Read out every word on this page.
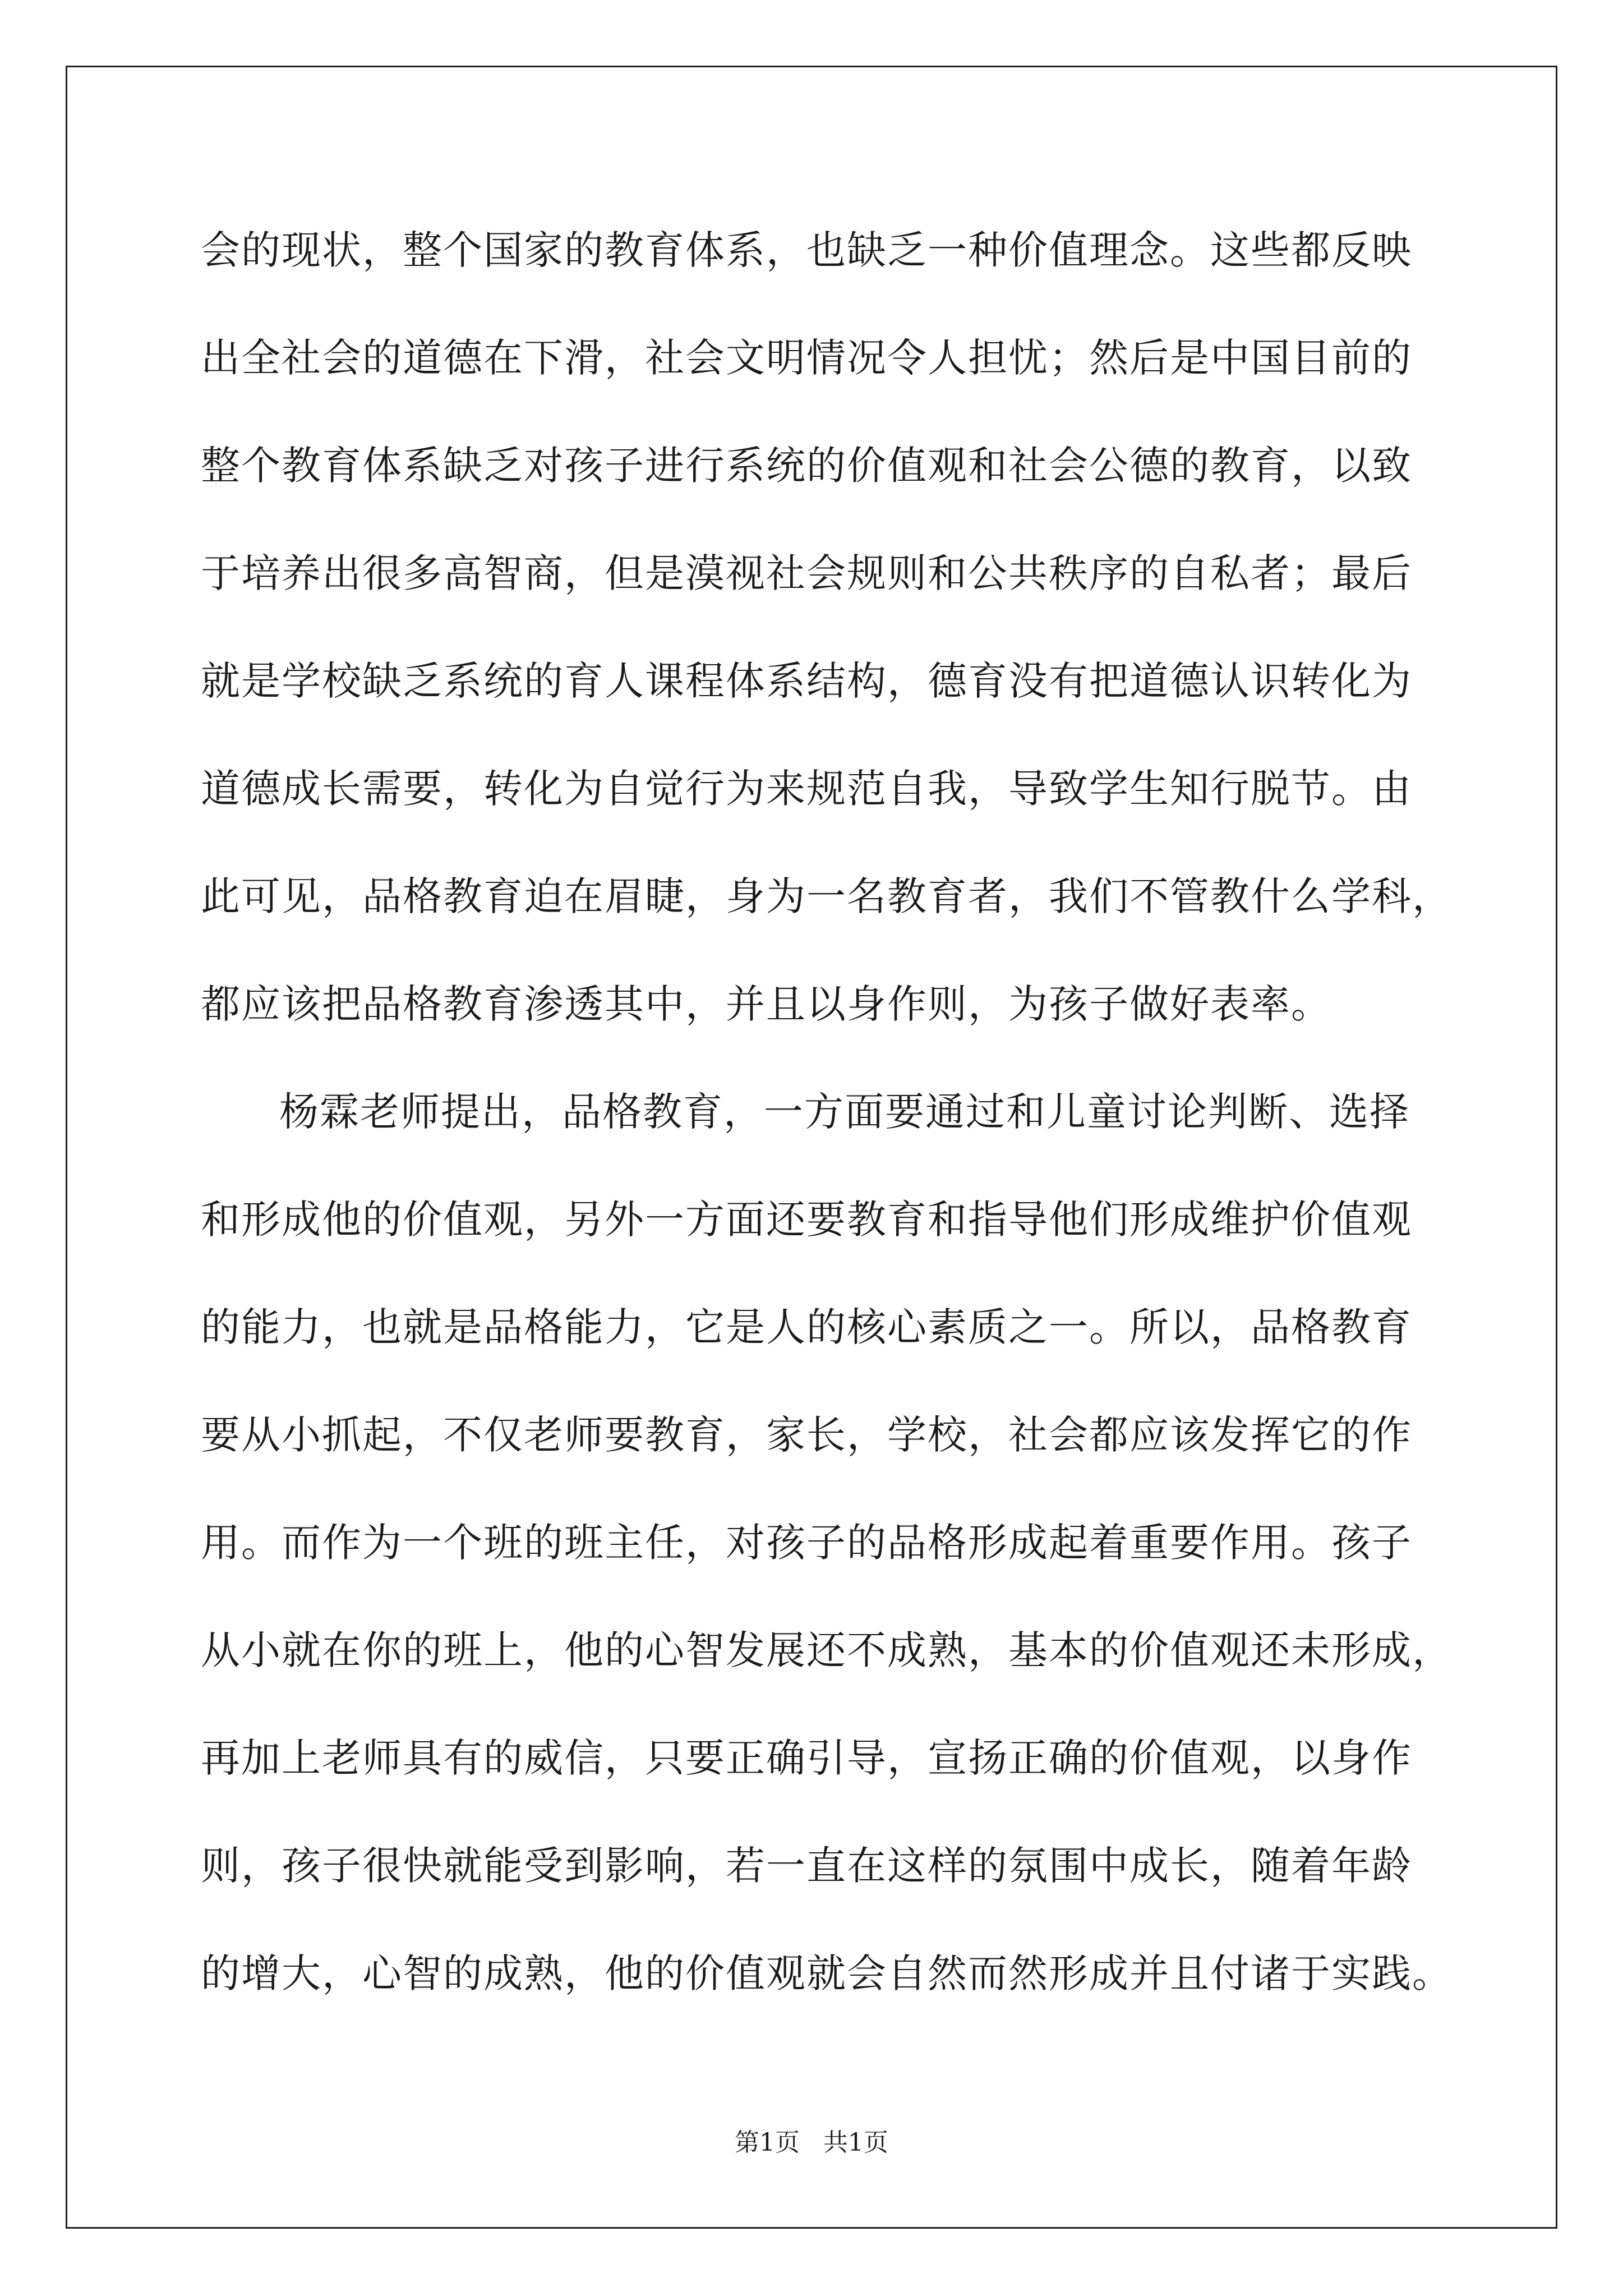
会的现状，整个国家的教育体系，也缺乏一种价值理念。这些都反映
出全社会的道德在下滑，社会文明情况令人担忧；然后是中国目前的
整个教育体系缺乏对孩子进行系统的价值观和社会公德的教育，以致
于培养出很多高智商，但是漠视社会规则和公共秩序的自私者；最后
就是学校缺乏系统的育人课程体系结构，德育没有把道德认识转化为
道德成长需要，转化为自觉行为来规范自我，导致学生知行脱节。由
此可见，品格教育迫在眉睫，身为一名教育者，我们不管教什么学科，
都应该把品格教育渗透其中，并且以身作则，为孩子做好表率。
杨霖老师提出，品格教育，一方面要通过和儿童讨论判断、选择
和形成他的价值观，另外一方面还要教育和指导他们形成维护价值观
的能力，也就是品格能力，它是人的核心素质之一。所以，品格教育
要从小抓起，不仅老师要教育，家长，学校，社会都应该发挥它的作
用。而作为一个班的班主任，对孩子的品格形成起着重要作用。孩子
从小就在你的班上，他的心智发展还不成熟，基本的价值观还未形成，
再加上老师具有的威信，只要正确引导，宣扬正确的价值观，以身作
则，孩子很快就能受到影响，若一直在这样的氛围中成长，随着年龄
的增大，心智的成熟，他的价值观就会自然而然形成并且付诸于实践。
第1页   共1页
